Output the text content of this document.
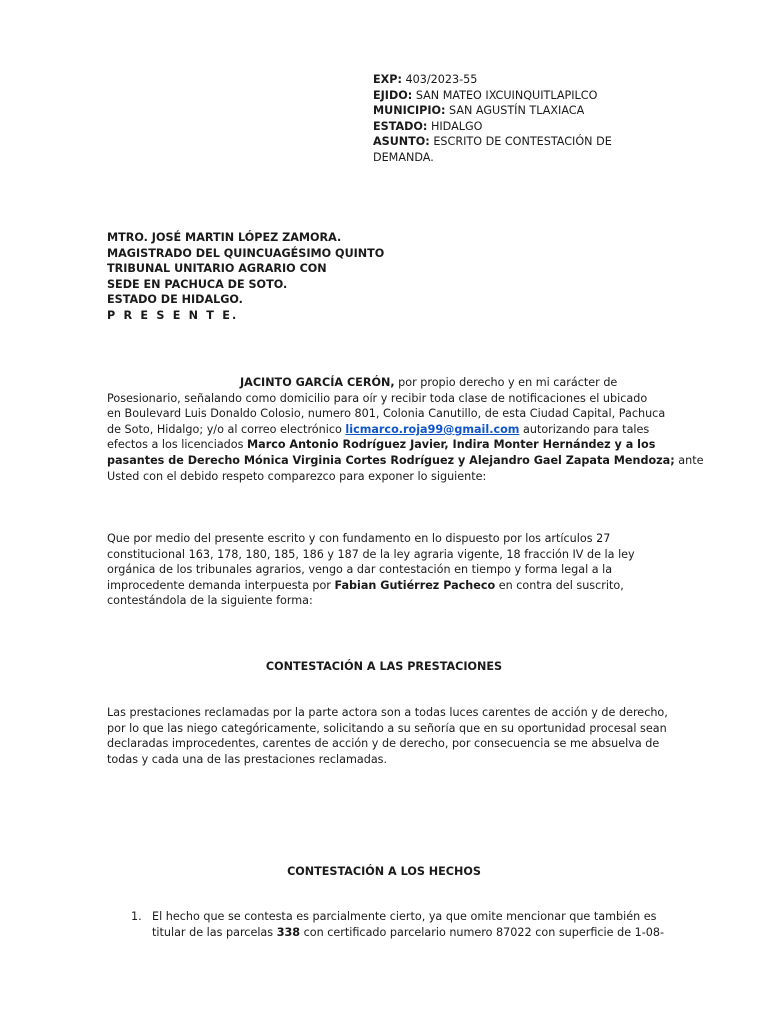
EXP: 403/2023-55
EJIDO: SAN MATEO IXCUINQUITLAPILCO
MUNICIPIO: SAN AGUSTÍN TLAXIACA
ESTADO: HIDALGO
ASUNTO: ESCRITO DE CONTESTACIÓN DE
DEMANDA.
MTRO. JOSÉ MARTIN LÓPEZ ZAMORA.
MAGISTRADO DEL QUINCUAGÉSIMO QUINTO
TRIBUNAL UNITARIO AGRARIO CON
SEDE EN PACHUCA DE SOTO.
ESTADO DE HIDALGO.
P R E S E N T E.
JACINTO GARCÍA CERÓN, por propio derecho y en mi carácter de
Posesionario, señalando como domicilio para oír y recibir toda clase de notificaciones el ubicado
en Boulevard Luis Donaldo Colosio, numero 801, Colonia Canutillo, de esta Ciudad Capital, Pachuca
de Soto, Hidalgo; y/o al correo electrónico licmarco.roja99@gmail.com autorizando para tales
efectos a los licenciados Marco Antonio Rodríguez Javier, Indira Monter Hernández y a los
pasantes de Derecho Mónica Virginia Cortes Rodríguez y Alejandro Gael Zapata Mendoza; ante
Usted con el debido respeto comparezco para exponer lo siguiente:
Que por medio del presente escrito y con fundamento en lo dispuesto por los artículos 27
constitucional 163, 178, 180, 185, 186 y 187 de la ley agraria vigente, 18 fracción IV de la ley
orgánica de los tribunales agrarios, vengo a dar contestación en tiempo y forma legal a la
improcedente demanda interpuesta por Fabian Gutiérrez Pacheco en contra del suscrito,
contestándola de la siguiente forma:
CONTESTACIÓN A LAS PRESTACIONES
Las prestaciones reclamadas por la parte actora son a todas luces carentes de acción y de derecho,
por lo que las niego categóricamente, solicitando a su señoría que en su oportunidad procesal sean
declaradas improcedentes, carentes de acción y de derecho, por consecuencia se me absuelva de
todas y cada una de las prestaciones reclamadas.
CONTESTACIÓN A LOS HECHOS
1. El hecho que se contesta es parcialmente cierto, ya que omite mencionar que también es
titular de las parcelas 338 con certificado parcelario numero 87022 con superficie de 1-08-
